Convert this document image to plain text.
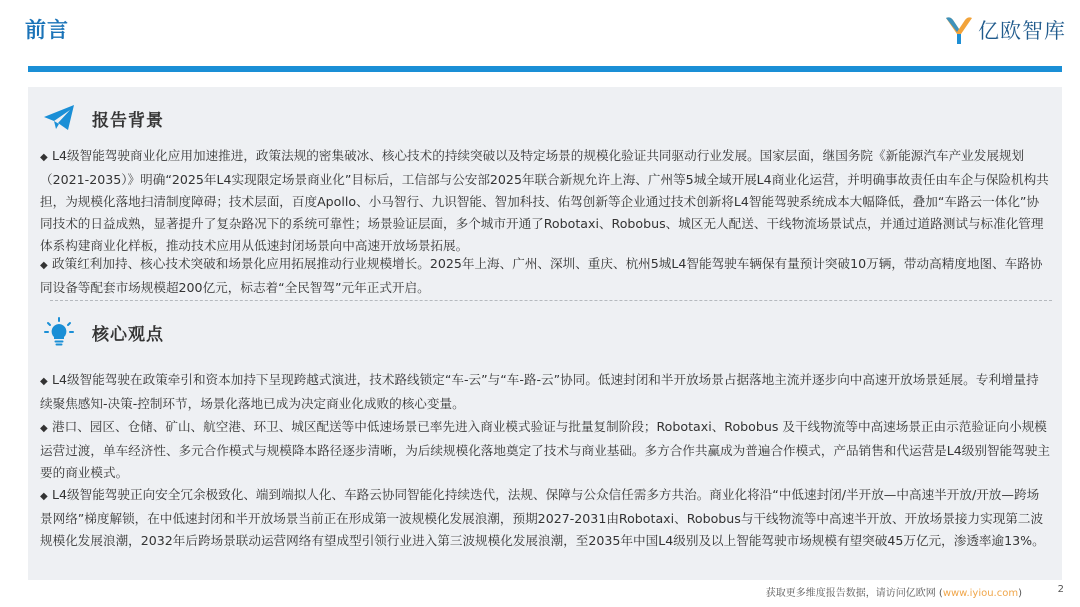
前言	亿欧智库
报告背景
◆ L4级智能驾驶商业化应用加速推进，政策法规的密集破冰、核心技术的持续突破以及特定场景的规模化验证共同驱动行业发展。国家层面，继国务院《新能源汽车产业发展规划（2021-2035）》明确“2025年L4实现限定场景商业化”目标后，工信部与公安部2025年联合新规允许上海、广州等5城全域开展L4商业化运营，并明确事故责任由车企与保险机构共担，为规模化落地扫清制度障碍；技术层面，百度Apollo、小马智行、九识智能、智加科技、佑驾创新等企业通过技术创新将L4智能驾驶系统成本大幅降低，叠加“车路云一体化”协同技术的日益成熟，显著提升了复杂路况下的系统可靠性；场景验证层面，多个城市开通了Robotaxi、Robobus、城区无人配送、干线物流场景试点，并通过道路测试与标准化管理体系构建商业化样板，推动技术应用从低速封闭场景向中高速开放场景拓展。
◆ 政策红利加持、核心技术突破和场景化应用拓展推动行业规模增长。2025年上海、广州、深圳、重庆、杭州5城L4智能驾驶车辆保有量预计突破10万辆，带动高精度地图、车路协同设备等配套市场规模超200亿元，标志着“全民智驾”元年正式开启。
核心观点
◆ L4级智能驾驶在政策牵引和资本加持下呈现跨越式演进，技术路线锁定“车-云”与“车-路-云”协同。低速封闭和半开放场景占据落地主流并逐步向中高速开放场景延展。专利增量持续聚焦感知-决策-控制环节，场景化落地已成为决定商业化成败的核心变量。
◆ 港口、园区、仓储、矿山、航空港、环卫、城区配送等中低速场景已率先进入商业模式验证与批量复制阶段；Robotaxi、Robobus 及干线物流等中高速场景正由示范验证向小规模运营过渡，单车经济性、多元合作模式与规模降本路径逐步清晰，为后续规模化落地奠定了技术与商业基础。多方合作共赢成为普遍合作模式，产品销售和代运营是L4级别智能驾驶主要的商业模式。
◆ L4级智能驾驶正向安全冗余极致化、端到端拟人化、车路云协同智能化持续迭代，法规、保障与公众信任需多方共治。商业化将沿“中低速封闭/半开放—中高速半开放/开放—跨场景网络”梯度解锁，在中低速封闭和半开放场景当前正在形成第一波规模化发展浪潮，预期2027-2031由Robotaxi、Robobus与干线物流等中高速半开放、开放场景接力实现第二波规模化发展浪潮，2032年后跨场景联动运营网络有望成型引领行业进入第三波规模化发展浪潮，至2035年中国L4级别及以上智能驾驶市场规模有望突破45万亿元，渗透率逾13%。
获取更多维度报告数据，请访问亿欧网 (www.iyiou.com)	2
